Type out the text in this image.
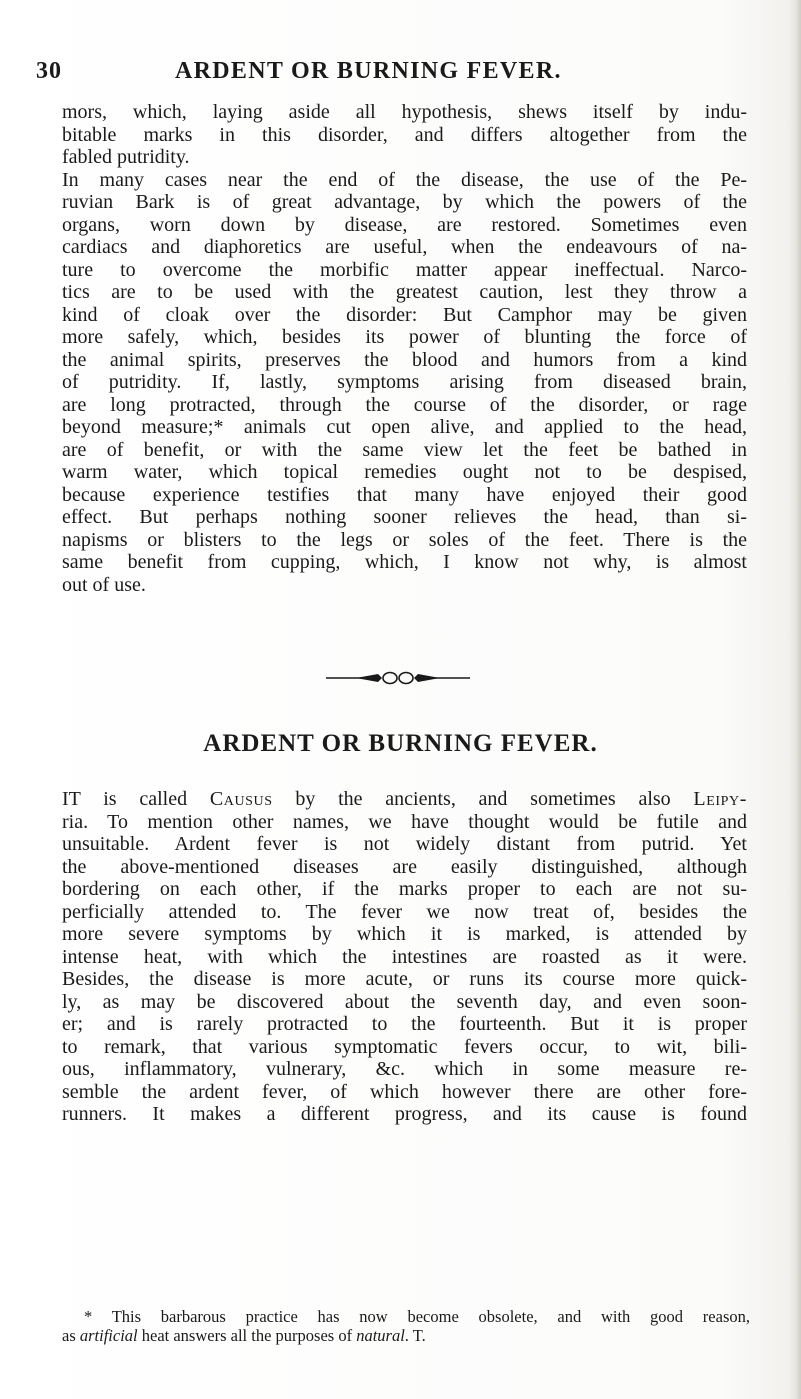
30	ARDENT OR BURNING FEVER.
mors, which, laying aside all hypothesis, shews itself by indu-
bitable marks in this disorder, and differs altogether from the
fabled putridity.
In many cases near the end of the disease, the use of the Pe-
ruvian Bark is of great advantage, by which the powers of the
organs, worn down by disease, are restored. Sometimes even
cardiacs and diaphoretics are useful, when the endeavours of na-
ture to overcome the morbific matter appear ineffectual. Narco-
tics are to be used with the greatest caution, lest they throw a
kind of cloak over the disorder: But Camphor may be given
more safely, which, besides its power of blunting the force of
the animal spirits, preserves the blood and humors from a kind
of putridity. If, lastly, symptoms arising from diseased brain,
are long protracted, through the course of the disorder, or rage
beyond measure;* animals cut open alive, and applied to the head,
are of benefit, or with the same view let the feet be bathed in
warm water, which topical remedies ought not to be despised,
because experience testifies that many have enjoyed their good
effect. But perhaps nothing sooner relieves the head, than si-
napisms or blisters to the legs or soles of the feet. There is the
same benefit from cupping, which, I know not why, is almost
out of use.
ARDENT OR BURNING FEVER.
IT is called Causus by the ancients, and sometimes also Leipy-
ria. To mention other names, we have thought would be futile and
unsuitable. Ardent fever is not widely distant from putrid. Yet
the above-mentioned diseases are easily distinguished, although
bordering on each other, if the marks proper to each are not su-
perficially attended to. The fever we now treat of, besides the
more severe symptoms by which it is marked, is attended by
intense heat, with which the intestines are roasted as it were.
Besides, the disease is more acute, or runs its course more quick-
ly, as may be discovered about the seventh day, and even soon-
er; and is rarely protracted to the fourteenth. But it is proper
to remark, that various symptomatic fevers occur, to wit, bili-
ous, inflammatory, vulnerary, &c. which in some measure re-
semble the ardent fever, of which however there are other fore-
runners. It makes a different progress, and its cause is found
* This barbarous practice has now become obsolete, and with good reason,
as artificial heat answers all the purposes of natural. T.
